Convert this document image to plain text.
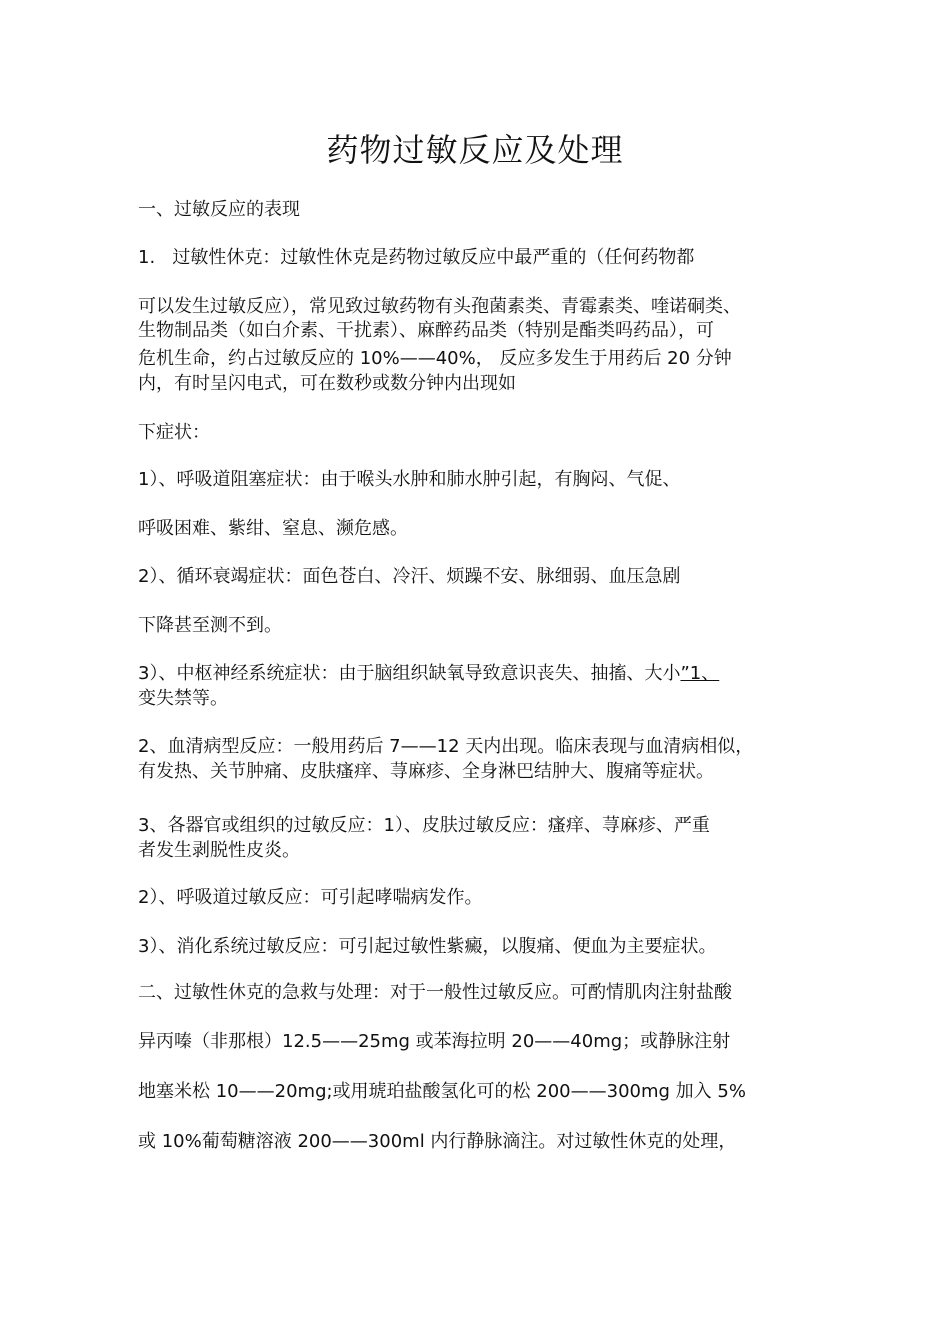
药物过敏反应及处理

一、过敏反应的表现

1.   过敏性休克：过敏性休克是药物过敏反应中最严重的（任何药物都

可以发生过敏反应），常见致过敏药物有头孢菌素类、青霉素类、喹诺硐类、

生物制品类（如白介素、干扰素）、麻醉药品类（特别是酯类吗药品），可

危机生命，约占过敏反应的 10%——40%， 反应多发生于用药后 20 分钟

内，有时呈闪电式，可在数秒或数分钟内出现如

下症状：

1）、呼吸道阻塞症状：由于喉头水肿和肺水肿引起，有胸闷、气促、

呼吸困难、紫绀、窒息、濒危感。

2）、循环衰竭症状：面色苍白、冷汗、烦躁不安、脉细弱、血压急剧

下降甚至测不到。

3）、中枢神经系统症状：由于脑组织缺氧导致意识丧失、抽搐、大小”1、

变失禁等。

2、血清病型反应：一般用药后 7——12 天内出现。临床表现与血清病相似，

有发热、关节肿痛、皮肤瘙痒、荨麻疹、全身淋巴结肿大、腹痛等症状。

3、各器官或组织的过敏反应：1）、皮肤过敏反应：瘙痒、荨麻疹、严重

者发生剥脱性皮炎。

2）、呼吸道过敏反应：可引起哮喘病发作。

3）、消化系统过敏反应：可引起过敏性紫癜，以腹痛、便血为主要症状。

二、过敏性休克的急救与处理：对于一般性过敏反应。可酌情肌肉注射盐酸

异丙嗪（非那根）12.5——25mg 或苯海拉明 20——40mg；或静脉注射

地塞米松 10——20mg;或用琥珀盐酸氢化可的松 200——300mg 加入 5%

或 10%葡萄糖溶液 200——300ml 内行静脉滴注。对过敏性休克的处理，
